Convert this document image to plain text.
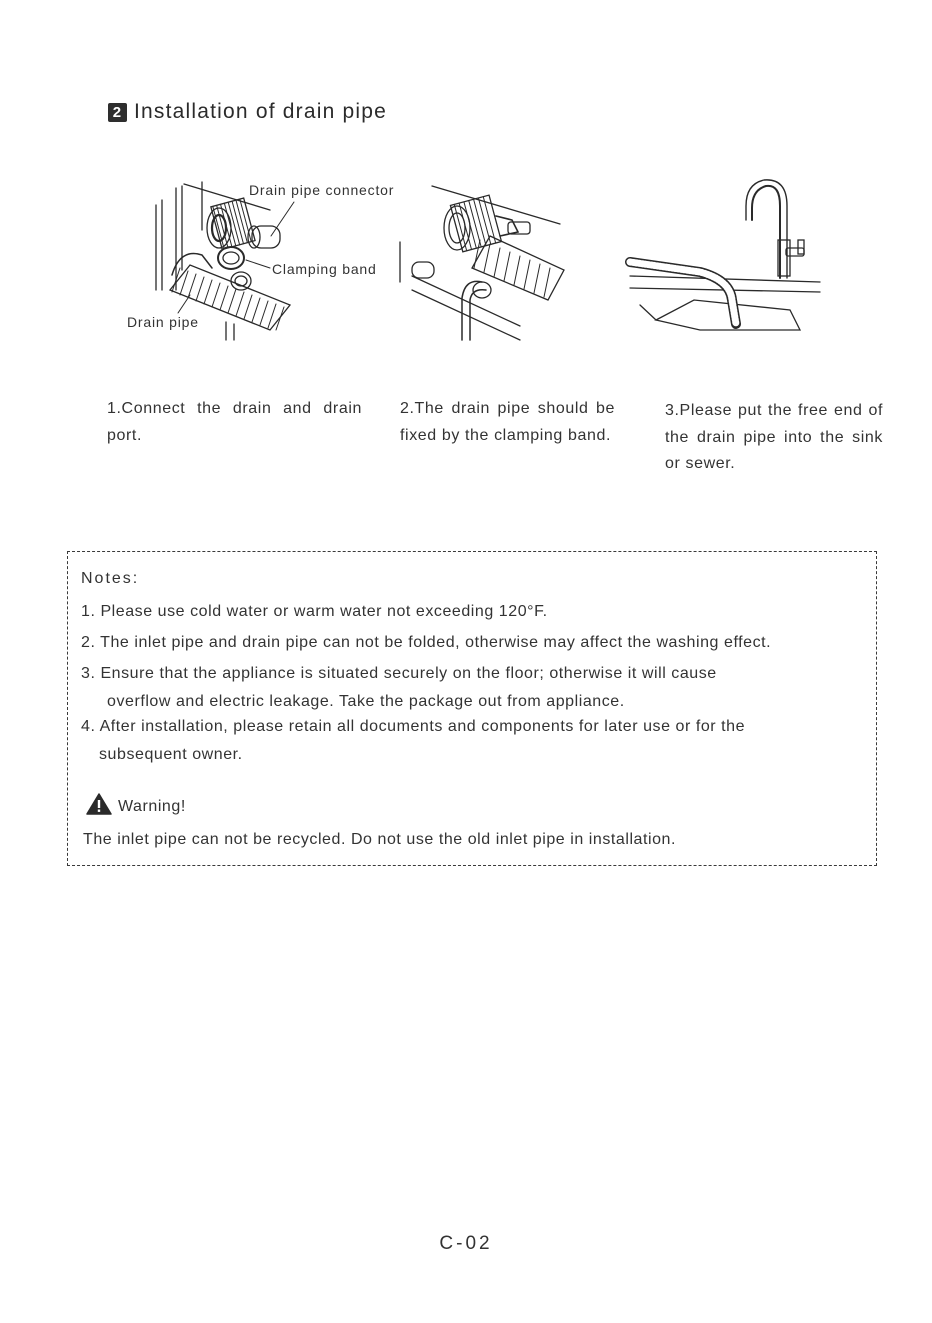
2 Installation of drain pipe
Drain pipe connector
Clamping band
Drain pipe
1.Connect the drain and drain port.
2.The drain pipe should be fixed by the clamping band.
3.Please put the free end of the drain pipe into the sink or sewer.
Notes:
1. Please use cold water or warm water not exceeding 120°F.
2. The inlet pipe and drain pipe can not be folded, otherwise may affect the washing effect.
3. Ensure that the appliance is situated securely on the floor; otherwise it will cause
overflow and electric leakage. Take the package out from appliance.
4. After installation, please retain all documents and components for later use or for the
subsequent owner.
Warning!
The inlet pipe can not be recycled. Do not use the old inlet pipe in installation.
C-02
